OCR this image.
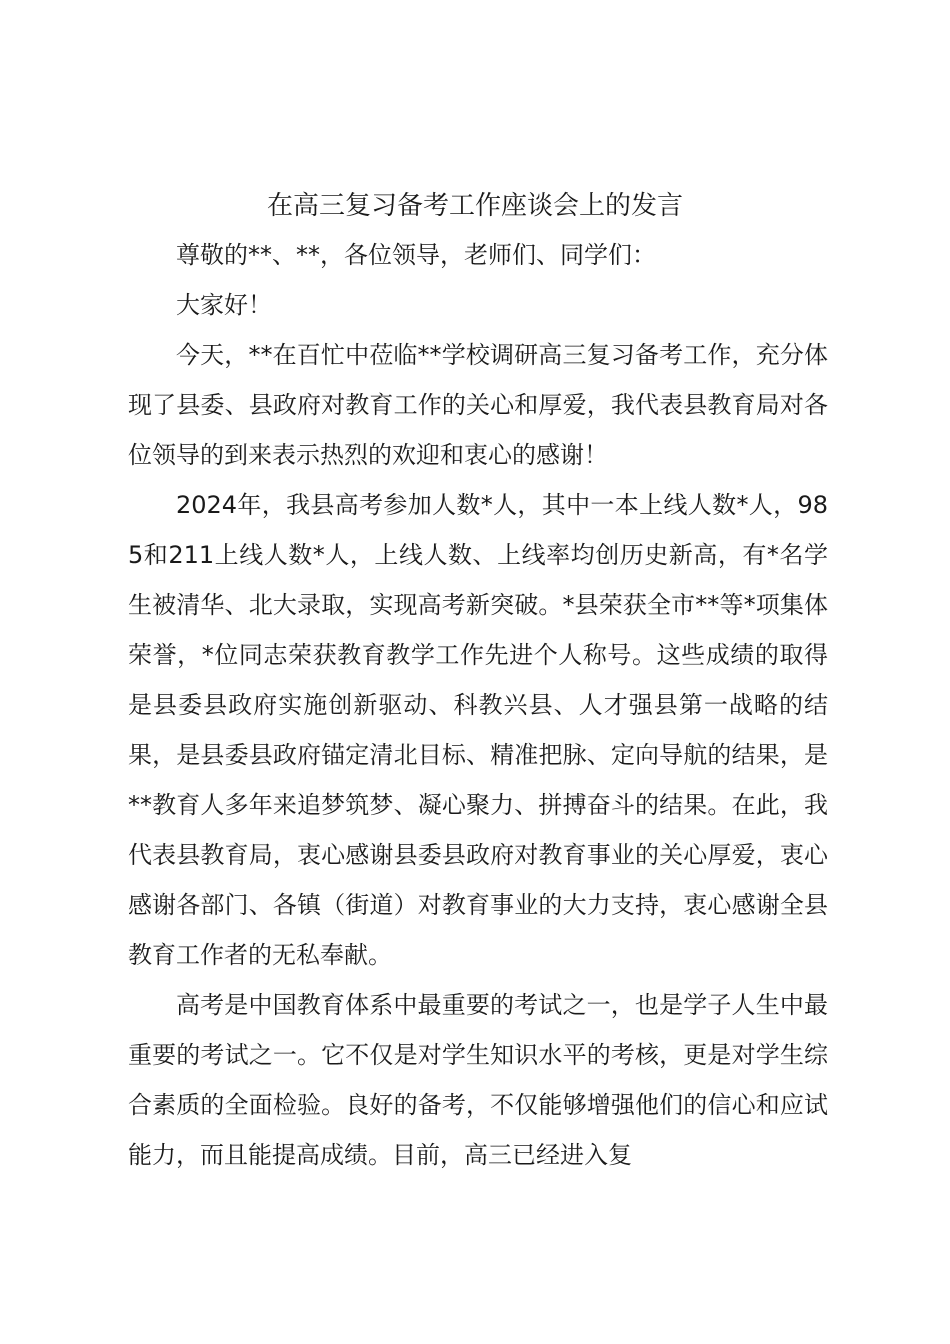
在高三复习备考工作座谈会上的发言

尊敬的**、**，各位领导，老师们、同学们：

大家好！

今天，**在百忙中莅临**学校调研高三复习备考工作，充分体现了县委、县政府对教育工作的关心和厚爱，我代表县教育局对各位领导的到来表示热烈的欢迎和衷心的感谢！

2024年，我县高考参加人数*人，其中一本上线人数*人，985和211上线人数*人，上线人数、上线率均创历史新高，有*名学生被清华、北大录取，实现高考新突破。*县荣获全市**等*项集体荣誉，*位同志荣获教育教学工作先进个人称号。这些成绩的取得是县委县政府实施创新驱动、科教兴县、人才强县第一战略的结果，是县委县政府锚定清北目标、精准把脉、定向导航的结果，是**教育人多年来追梦筑梦、凝心聚力、拼搏奋斗的结果。在此，我代表县教育局，衷心感谢县委县政府对教育事业的关心厚爱，衷心感谢各部门、各镇（街道）对教育事业的大力支持，衷心感谢全县教育工作者的无私奉献。

高考是中国教育体系中最重要的考试之一，也是学子人生中最重要的考试之一。它不仅是对学生知识水平的考核，更是对学生综合素质的全面检验。良好的备考，不仅能够增强他们的信心和应试能力，而且能提高成绩。目前，高三已经进入复
